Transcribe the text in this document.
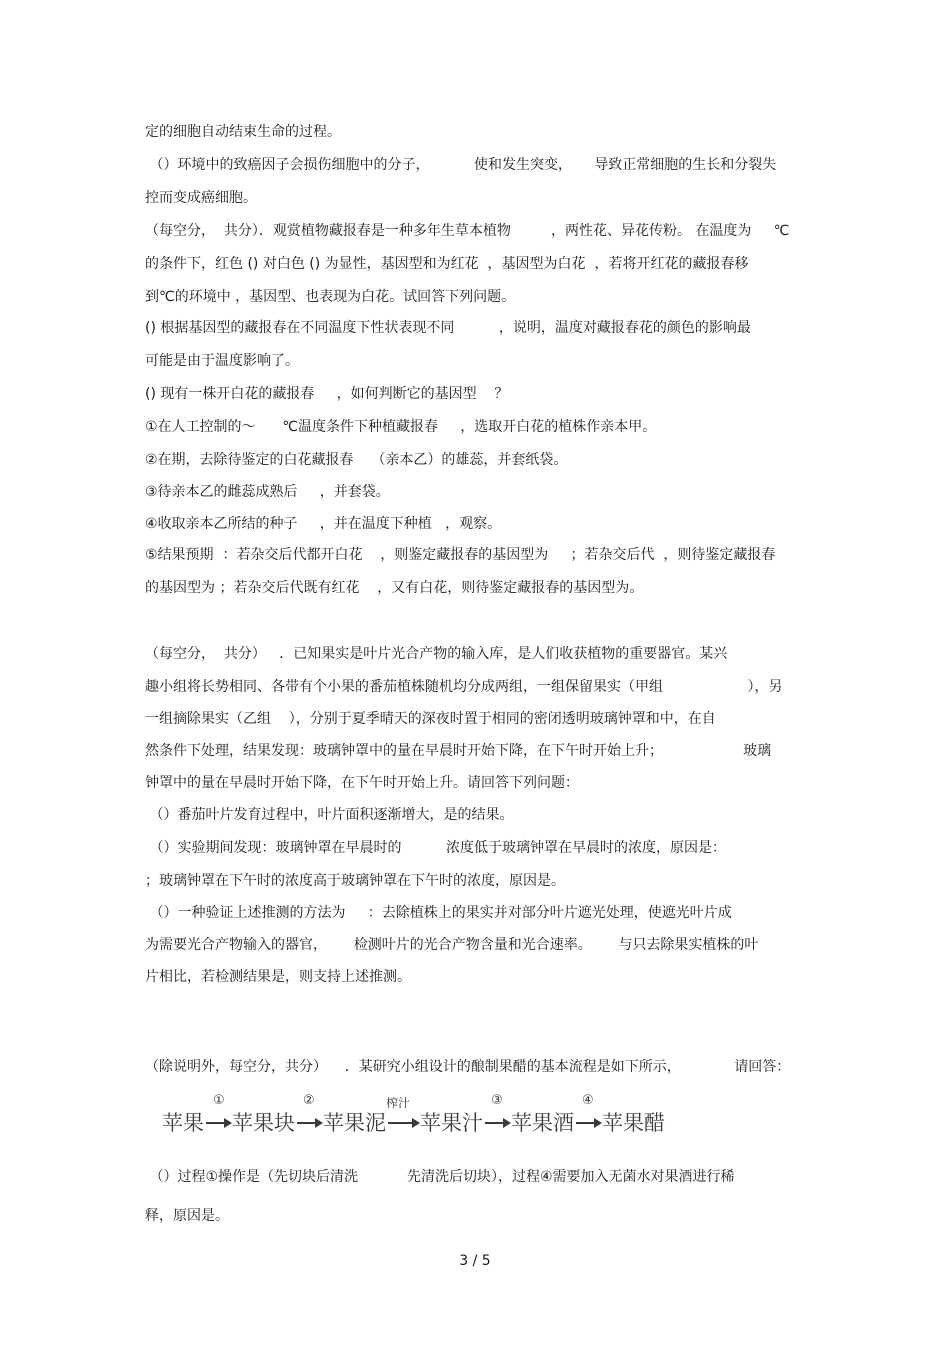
定的细胞自动结束生命的过程。
（）环境中的致癌因子会损伤细胞中的分子，          使和发生突变，     导致正常细胞的生长和分裂失
控而变成癌细胞。
（每空分，  共分）．观赏植物藏报春是一种多年生草本植物         ，两性花、异花传粉。 在温度为     ℃
的条件下，红色 () 对白色 () 为显性，基因型和为红花  ，基因型为白花  ，若将开红花的藏报春移
到℃的环境中 ，基因型、也表现为白花。试回答下列问题。
() 根据基因型的藏报春在不同温度下性状表现不同          ，说明，温度对藏报春花的颜色的影响最
可能是由于温度影响了。
() 现有一株开白花的藏报春     ，如何判断它的基因型    ？
①在人工控制的～      ℃温度条件下种植藏报春     ，选取开白花的植株作亲本甲。
②在期，去除待鉴定的白花藏报春    （亲本乙）的雄蕊，并套纸袋。
③待亲本乙的雌蕊成熟后     ，并套袋。
④收取亲本乙所结的种子     ，并在温度下种植   ，观察。
⑤结果预期  ：若杂交后代都开白花    ，则鉴定藏报春的基因型为     ；若杂交后代  ，则待鉴定藏报春
的基因型为 ；若杂交后代既有红花    ，又有白花，则待鉴定藏报春的基因型为。
（每空分，  共分）   ．已知果实是叶片光合产物的输入库，是人们收获植物的重要器官。某兴
趣小组将长势相同、各带有个小果的番茄植株随机均分成两组，一组保留果实（甲组                   ），另
一组摘除果实（乙组    ），分别于夏季晴天的深夜时置于相同的密闭透明玻璃钟罩和中，在自
然条件下处理，结果发现：玻璃钟罩中的量在早晨时开始下降，在下午时开始上升；                  玻璃
钟罩中的量在早晨时开始下降，在下午时开始上升。请回答下列问题：
（）番茄叶片发育过程中，叶片面积逐渐增大，是的结果。
（）实验期间发现：玻璃钟罩在早晨时的          浓度低于玻璃钟罩在早晨时的浓度，原因是：
；玻璃钟罩在下午时的浓度高于玻璃钟罩在下午时的浓度，原因是。
（）一种验证上述推测的方法为     ：去除植株上的果实并对部分叶片遮光处理，使遮光叶片成
为需要光合产物输入的器官，      检测叶片的光合产物含量和光合速率。      与只去除果实植株的叶
片相比，若检测结果是，则支持上述推测。
（除说明外，每空分，共分）    ．某研究小组设计的酿制果醋的基本流程是如下所示，            请回答：
苹果
①
苹果块
②
苹果泥
榨汁
苹果汁
③
苹果酒
④
苹果醋
（）过程①操作是（先切块后清洗           先清洗后切块），过程④需要加入无菌水对果酒进行稀
释，原因是。
3 / 5
